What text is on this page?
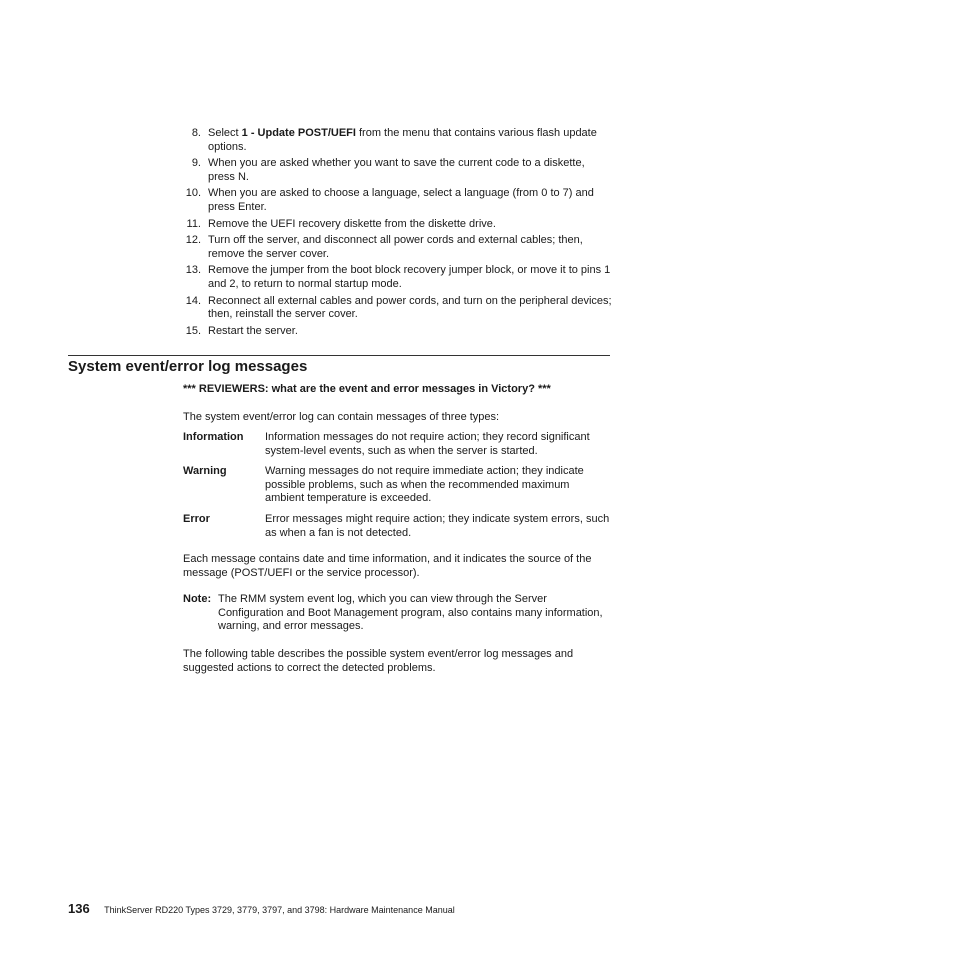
8. Select 1 - Update POST/UEFI from the menu that contains various flash update options.
9. When you are asked whether you want to save the current code to a diskette, press N.
10. When you are asked to choose a language, select a language (from 0 to 7) and press Enter.
11. Remove the UEFI recovery diskette from the diskette drive.
12. Turn off the server, and disconnect all power cords and external cables; then, remove the server cover.
13. Remove the jumper from the boot block recovery jumper block, or move it to pins 1 and 2, to return to normal startup mode.
14. Reconnect all external cables and power cords, and turn on the peripheral devices; then, reinstall the server cover.
15. Restart the server.
System event/error log messages

*** REVIEWERS: what are the event and error messages in Victory? ***

The system event/error log can contain messages of three types:

Information Information messages do not require action; they record significant system-level events, such as when the server is started.
Warning	Warning messages do not require immediate action; they indicate possible problems, such as when the recommended maximum ambient temperature is exceeded.
Error	Error messages might require action; they indicate system errors, such as when a fan is not detected.

Each message contains date and time information, and it indicates the source of the message (POST/UEFI or the service processor).

Note: The RMM system event log, which you can view through the Server Configuration and Boot Management program, also contains many information, warning, and error messages.

The following table describes the possible system event/error log messages and suggested actions to correct the detected problems.

136 ThinkServer RD220 Types 3729, 3779, 3797, and 3798: Hardware Maintenance Manual
